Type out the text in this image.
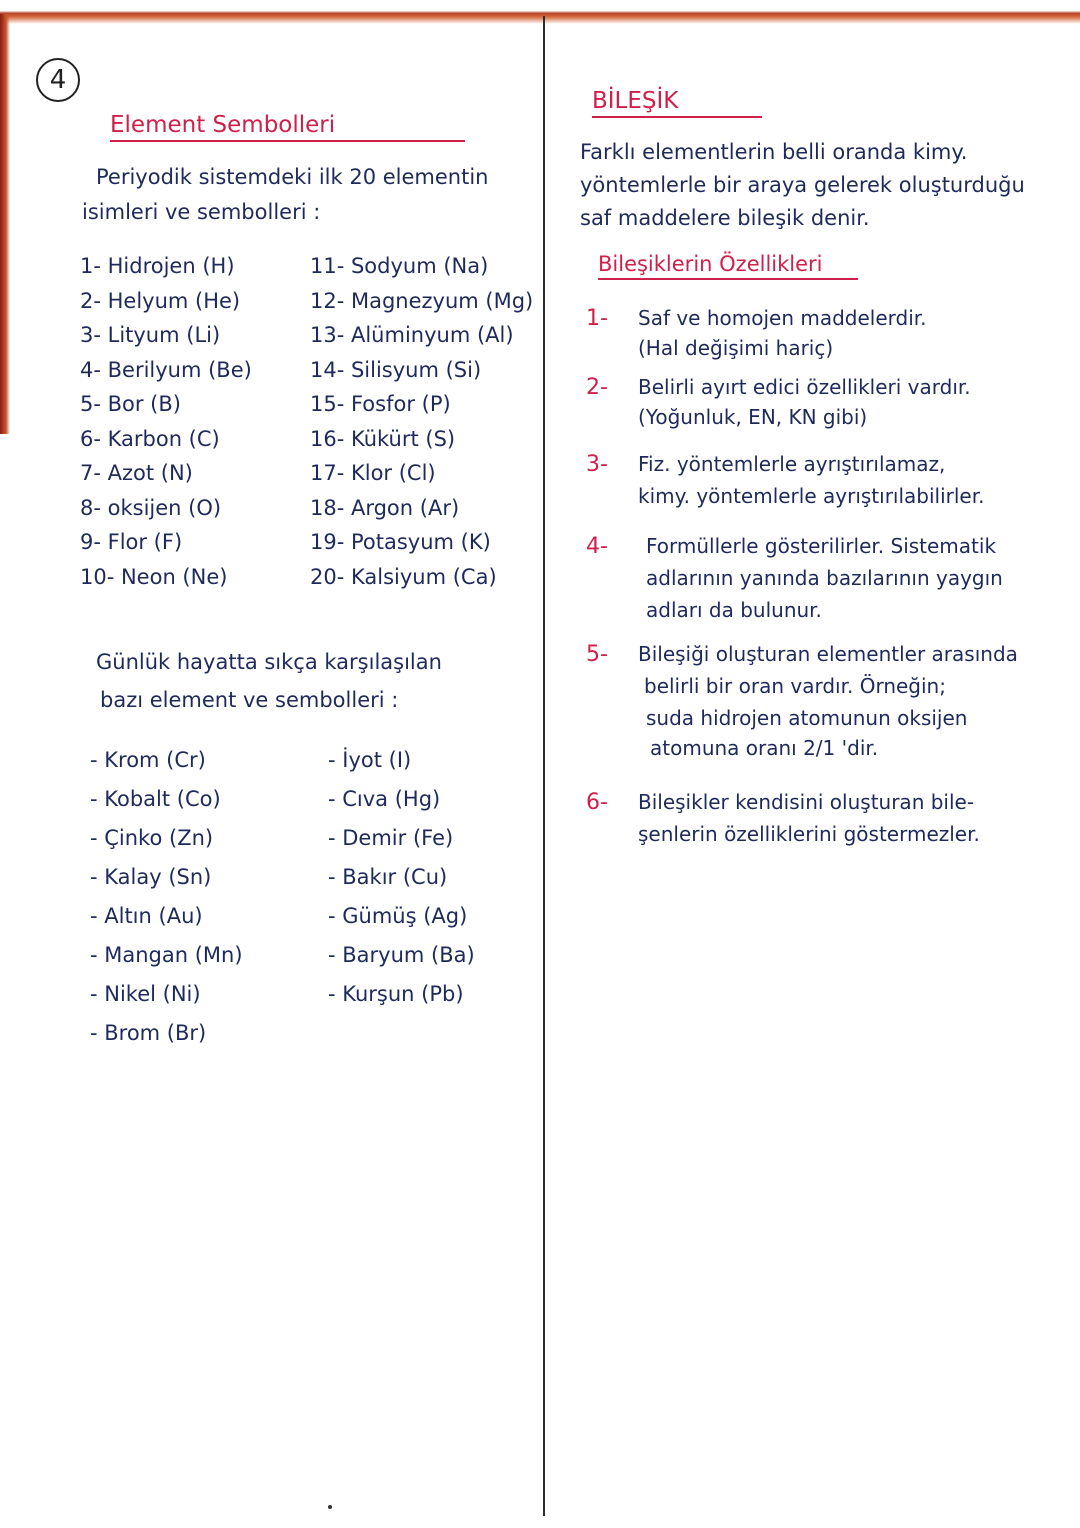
4
Element Sembolleri
Periyodik sistemdeki ilk 20 elementin
isimleri ve sembolleri :
1- Hidrojen (H)
2- Helyum (He)
3- Lityum (Li)
4- Berilyum (Be)
5- Bor (B)
6- Karbon (C)
7- Azot (N)
8- oksijen (O)
9- Flor (F)
10- Neon (Ne)
11- Sodyum (Na)
12- Magnezyum (Mg)
13- Alüminyum (Al)
14- Silisyum (Si)
15- Fosfor (P)
16- Kükürt (S)
17- Klor (Cl)
18- Argon (Ar)
19- Potasyum (K)
20- Kalsiyum (Ca)
Günlük hayatta sıkça karşılaşılan
bazı element ve sembolleri :
- Krom (Cr)
- Kobalt (Co)
- Çinko (Zn)
- Kalay (Sn)
- Altın (Au)
- Mangan (Mn)
- Nikel (Ni)
- Brom (Br)
- İyot (I)
- Cıva (Hg)
- Demir (Fe)
- Bakır (Cu)
- Gümüş (Ag)
- Baryum (Ba)
- Kurşun (Pb)
BİLEŞİK
Farklı elementlerin belli oranda kimy.
yöntemlerle bir araya gelerek oluşturduğu
saf maddelere bileşik denir.
Bileşiklerin Özellikleri
1- Saf ve homojen maddelerdir.
(Hal değişimi hariç)
2- Belirli ayırt edici özellikleri vardır.
(Yoğunluk, EN, KN gibi)
3- Fiz. yöntemlerle ayrıştırılamaz,
kimy. yöntemlerle ayrıştırılabilirler.
4- Formüllerle gösterilirler. Sistematik
adlarının yanında bazılarının yaygın
adları da bulunur.
5- Bileşiği oluşturan elementler arasında
belirli bir oran vardır. Örneğin;
suda hidrojen atomunun oksijen
atomuna oranı 2/1 'dir.
6- Bileşikler kendisini oluşturan bile-
şenlerin özelliklerini göstermezler.
